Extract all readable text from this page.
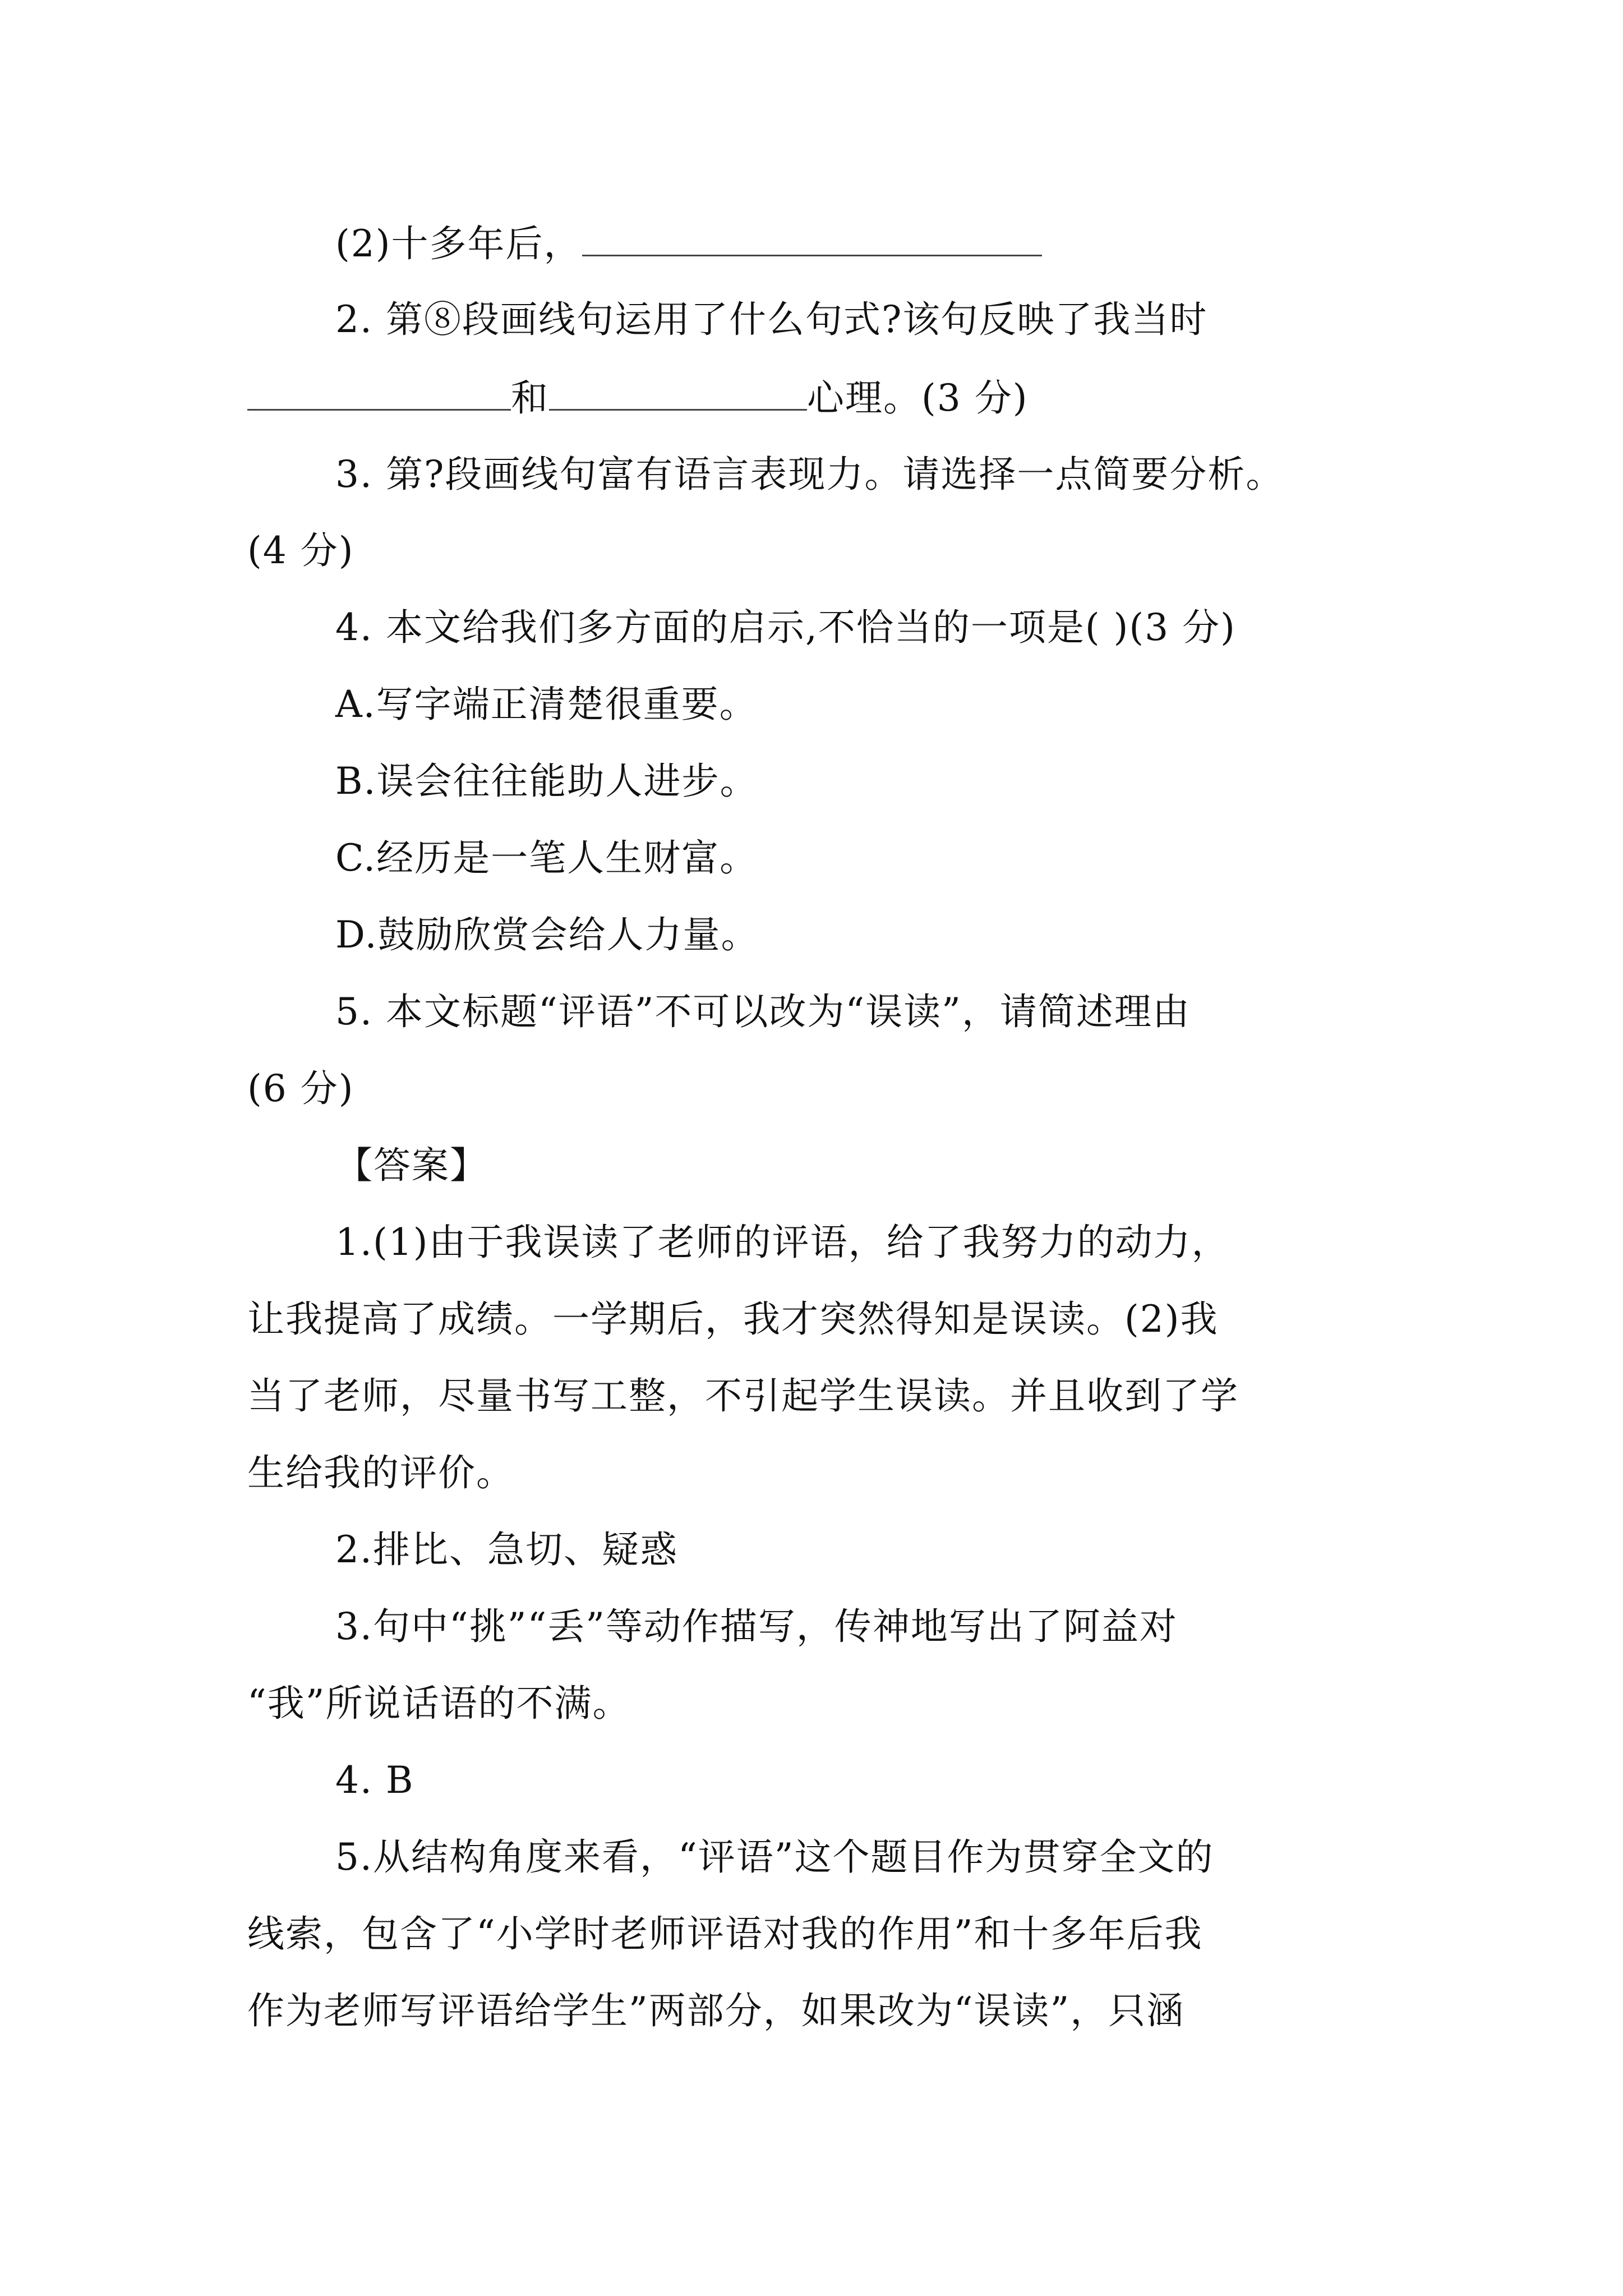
(2)十多年后，
2. 第⑧段画线句运用了什么句式?该句反映了我当时
和	心理。(3 分)
3. 第?段画线句富有语言表现力。请选择一点简要分析。
(4 分)
4. 本文给我们多方面的启示,不恰当的一项是( )(3 分)
A.写字端正清楚很重要。
B.误会往往能助人进步。
C.经历是一笔人生财富。
D.鼓励欣赏会给人力量。
5. 本文标题“评语”不可以改为“误读”，请简述理由
(6 分)
【答案】
1.(1)由于我误读了老师的评语，给了我努力的动力，
让我提高了成绩。一学期后，我才突然得知是误读。(2)我
当了老师，尽量书写工整，不引起学生误读。并且收到了学
生给我的评价。
2.排比、急切、疑惑
3.句中“挑”“丢”等动作描写，传神地写出了阿益对
“我”所说话语的不满。
4. B
5.从结构角度来看，“评语”这个题目作为贯穿全文的
线索，包含了“小学时老师评语对我的作用”和十多年后我
作为老师写评语给学生”两部分，如果改为“误读”，只涵
